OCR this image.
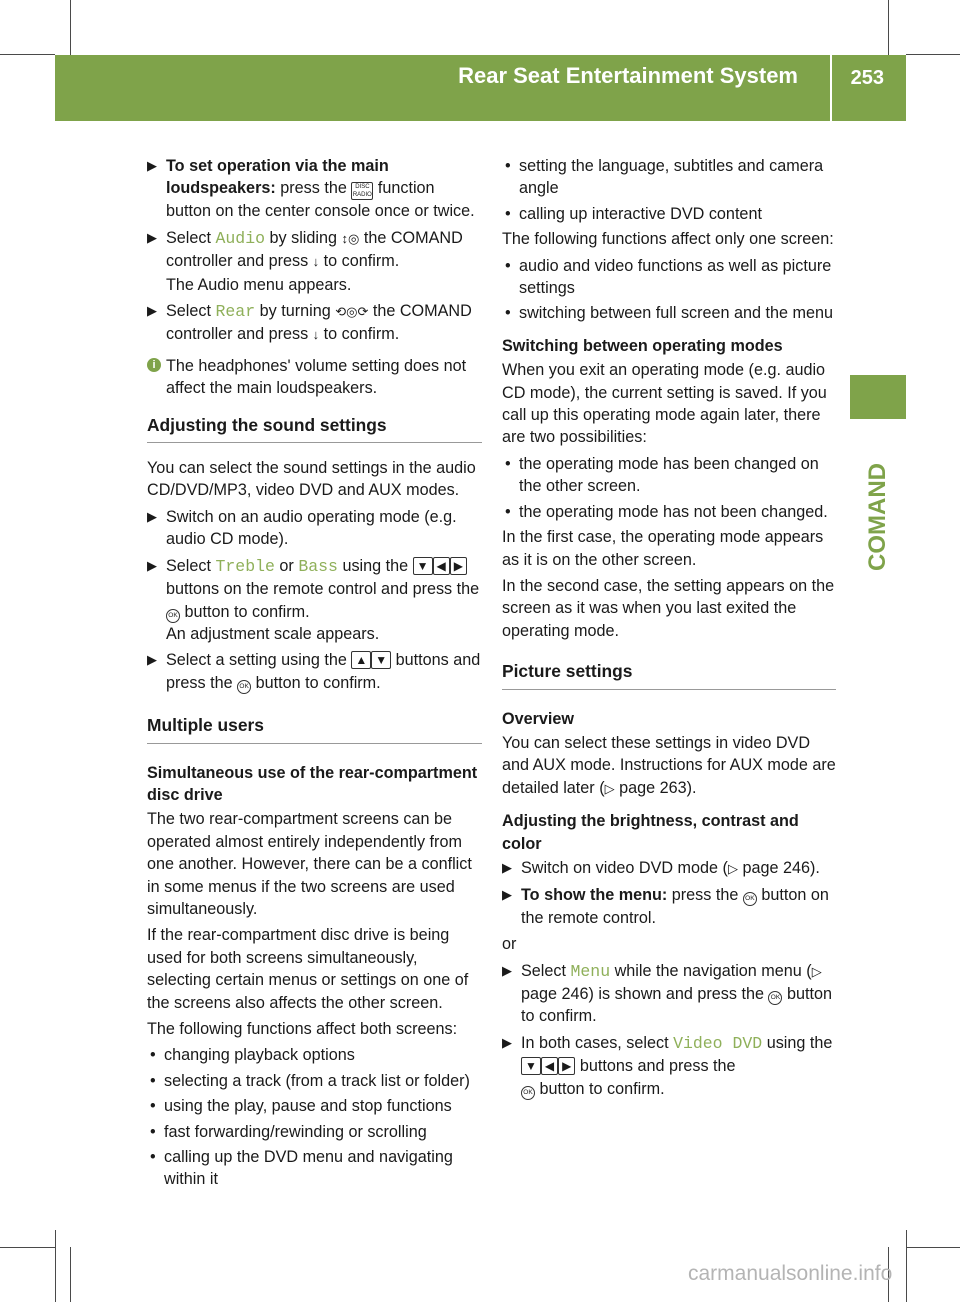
Rear Seat Entertainment System	253
COMAND
▶ To set operation via the main loudspeakers: press the DISC RADIO function button on the center console once or twice.
▶ Select Audio by sliding ↕◎ the COMAND controller and press ↓ to confirm.
The Audio menu appears.
▶ Select Rear by turning ⟲◎⟳ the COMAND controller and press ↓ to confirm.
i The headphones' volume setting does not affect the main loudspeakers.
Adjusting the sound settings

You can select the sound settings in the audio CD/DVD/MP3, video DVD and AUX modes.

▶ Switch on an audio operating mode (e.g. audio CD mode).
▶ Select Treble or Bass using the ▼ ◀ ▶ buttons on the remote control and press the OK button to confirm.
An adjustment scale appears.
▶ Select a setting using the ▲ ▼ buttons and press the OK button to confirm.
Multiple users
Simultaneous use of the rear-compartment disc drive

The two rear-compartment screens can be operated almost entirely independently from one another. However, there can be a conflict in some menus if the two screens are used simultaneously.

If the rear-compartment disc drive is being used for both screens simultaneously, selecting certain menus or settings on one of the screens also affects the other screen.

The following functions affect both screens:

• changing playback options
• selecting a track (from a track list or folder)
• using the play, pause and stop functions
• fast forwarding/rewinding or scrolling
• calling up the DVD menu and navigating within it
• setting the language, subtitles and camera angle
• calling up interactive DVD content

The following functions affect only one screen:

• audio and video functions as well as picture settings
• switching between full screen and the menu
Switching between operating modes

When you exit an operating mode (e.g. audio CD mode), the current setting is saved. If you call up this operating mode again later, there are two possibilities:

• the operating mode has been changed on the other screen.
• the operating mode has not been changed.

In the first case, the operating mode appears as it is on the other screen.

In the second case, the setting appears on the screen as it was when you last exited the operating mode.

Picture settings
Overview

You can select these settings in video DVD and AUX mode. Instructions for AUX mode are detailed later (▷ page 263).

Adjusting the brightness, contrast and color
▶ Switch on video DVD mode (▷ page 246).
▶ To show the menu: press the OK button on the remote control.

or

▶ Select Menu while the navigation menu (▷ page 246) is shown and press the OK button to confirm.
▶ In both cases, select Video DVD using the ▼ ◀ ▶ buttons and press the
OK button to confirm.
carmanualsonline.info
